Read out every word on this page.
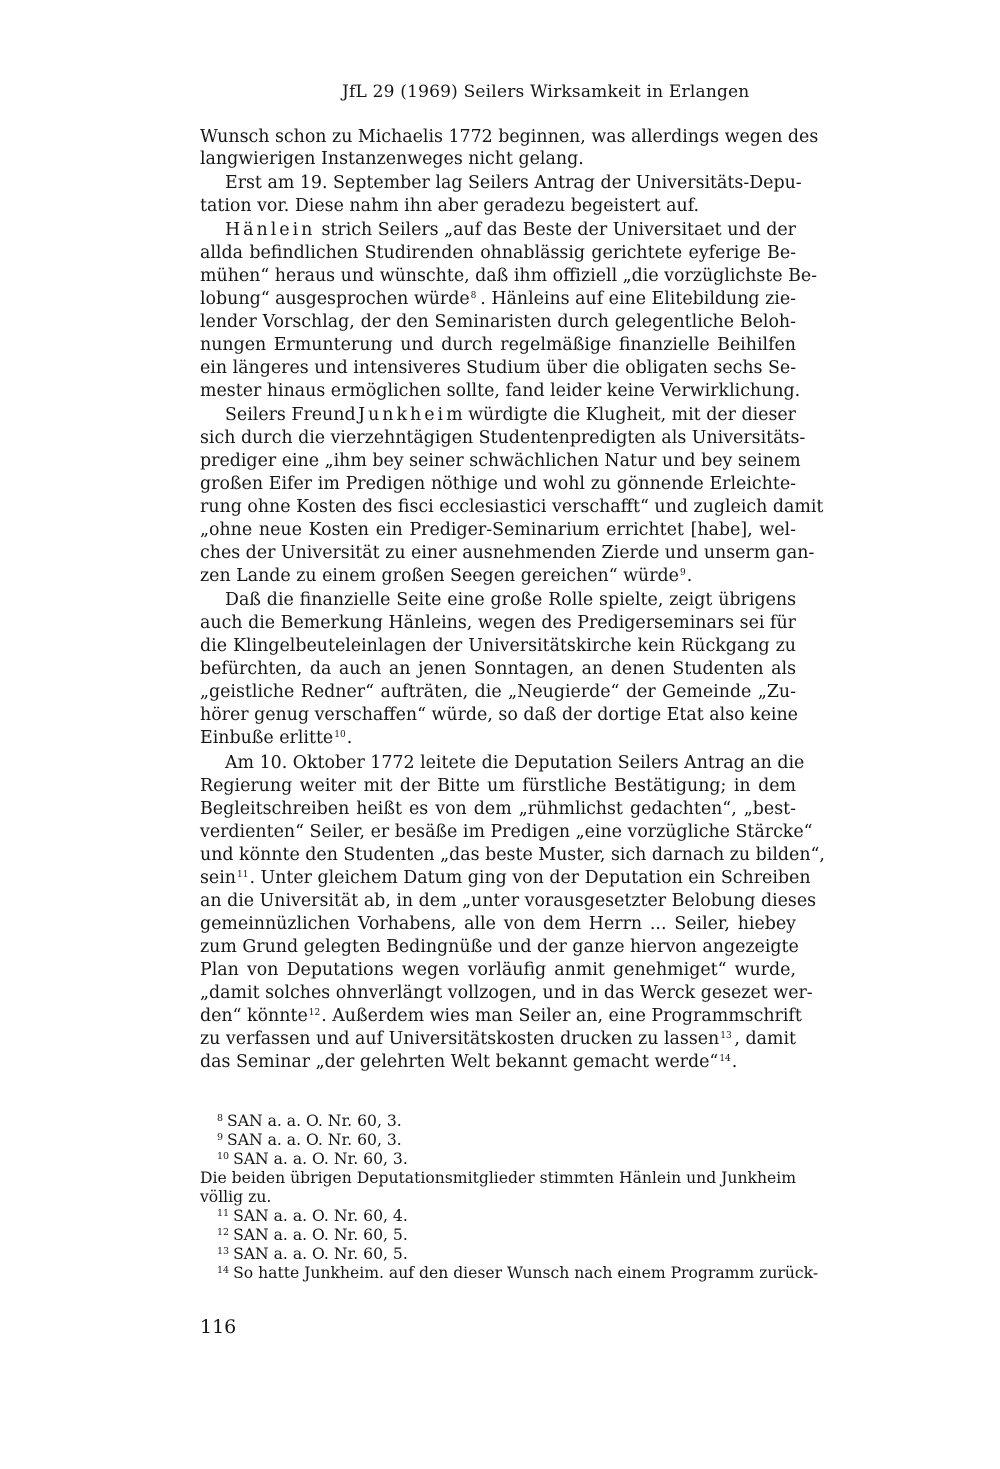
JfL 29 (1969) Seilers Wirksamkeit in Erlangen
Wunsch schon zu Michaelis 1772 beginnen, was allerdings wegen des
langwierigen Instanzenweges nicht gelang.
Erst am 19. September lag Seilers Antrag der Universitäts-Depu-
tation vor. Diese nahm ihn aber geradezu begeistert auf.
Hänlein strich Seilers „auf das Beste der Universitaet und der
allda befindlichen Studirenden ohnablässig gerichtete eyferige Be-
mühen“ heraus und wünschte, daß ihm offiziell „die vorzüglichste Be-
lobung“ ausgesprochen würde$^8$ . Hänleins auf eine Elitebildung zie-
lender Vorschlag, der den Seminaristen durch gelegentliche Beloh-
nungen Ermunterung und durch regelmäßige finanzielle Beihilfen
ein längeres und intensiveres Studium über die obligaten sechs Se-
mester hinaus ermöglichen sollte, fand leider keine Verwirklichung.
Seilers Freund Junkheim würdigte die Klugheit, mit der dieser
sich durch die vierzehntägigen Studentenpredigten als Universitäts-
prediger eine „ihm bey seiner schwächlichen Natur und bey seinem
großen Eifer im Predigen nöthige und wohl zu gönnende Erleichte-
rung ohne Kosten des fisci ecclesiastici verschafft“ und zugleich damit
„ohne neue Kosten ein Prediger-Seminarium errichtet [habe], wel-
ches der Universität zu einer ausnehmenden Zierde und unserm gan-
zen Lande zu einem großen Seegen gereichen“ würde$^9$.
Daß die finanzielle Seite eine große Rolle spielte, zeigt übrigens
auch die Bemerkung Hänleins, wegen des Predigerseminars sei für
die Klingelbeuteleinlagen der Universitätskirche kein Rückgang zu
befürchten, da auch an jenen Sonntagen, an denen Studenten als
„geistliche Redner“ aufträten, die „Neugierde“ der Gemeinde „Zu-
hörer genug verschaffen“ würde, so daß der dortige Etat also keine
Einbuße erlitte$^{10}$.
Am 10. Oktober 1772 leitete die Deputation Seilers Antrag an die
Regierung weiter mit der Bitte um fürstliche Bestätigung; in dem
Begleitschreiben heißt es von dem „rühmlichst gedachten“, „best-
verdienten“ Seiler, er besäße im Predigen „eine vorzügliche Stärcke“
und könnte den Studenten „das beste Muster, sich darnach zu bilden“,
sein$^{11}$ . Unter gleichem Datum ging von der Deputation ein Schreiben
an die Universität ab, in dem „unter vorausgesetzter Belobung dieses
gemeinnüzlichen Vorhabens, alle von dem Herrn ... Seiler, hiebey
zum Grund gelegten Bedingnüße und der ganze hiervon angezeigte
Plan von Deputations wegen vorläufig anmit genehmiget“ wurde,
„damit solches ohnverlängt vollzogen, und in das Werck gesezet wer-
den“ könnte$^{12}$ . Außerdem wies man Seiler an, eine Programmschrift
zu verfassen und auf Universitätskosten drucken zu lassen$^{13}$ , damit
das Seminar „der gelehrten Welt bekannt gemacht werde“$^{14}$.
$^8$ SAN a. a. O. Nr. 60, 3.
$^9$ SAN a. a. O. Nr. 60, 3.
$^{10}$ SAN a. a. O. Nr. 60, 3.
Die beiden übrigen Deputationsmitglieder stimmten Hänlein und Junkheim
völlig zu.
$^{11}$ SAN a. a. O. Nr. 60, 4.
$^{12}$ SAN a. a. O. Nr. 60, 5.
$^{13}$ SAN a. a. O. Nr. 60, 5.
$^{14}$ So hatte Junkheim. auf den dieser Wunsch nach einem Programm zurück-
116
